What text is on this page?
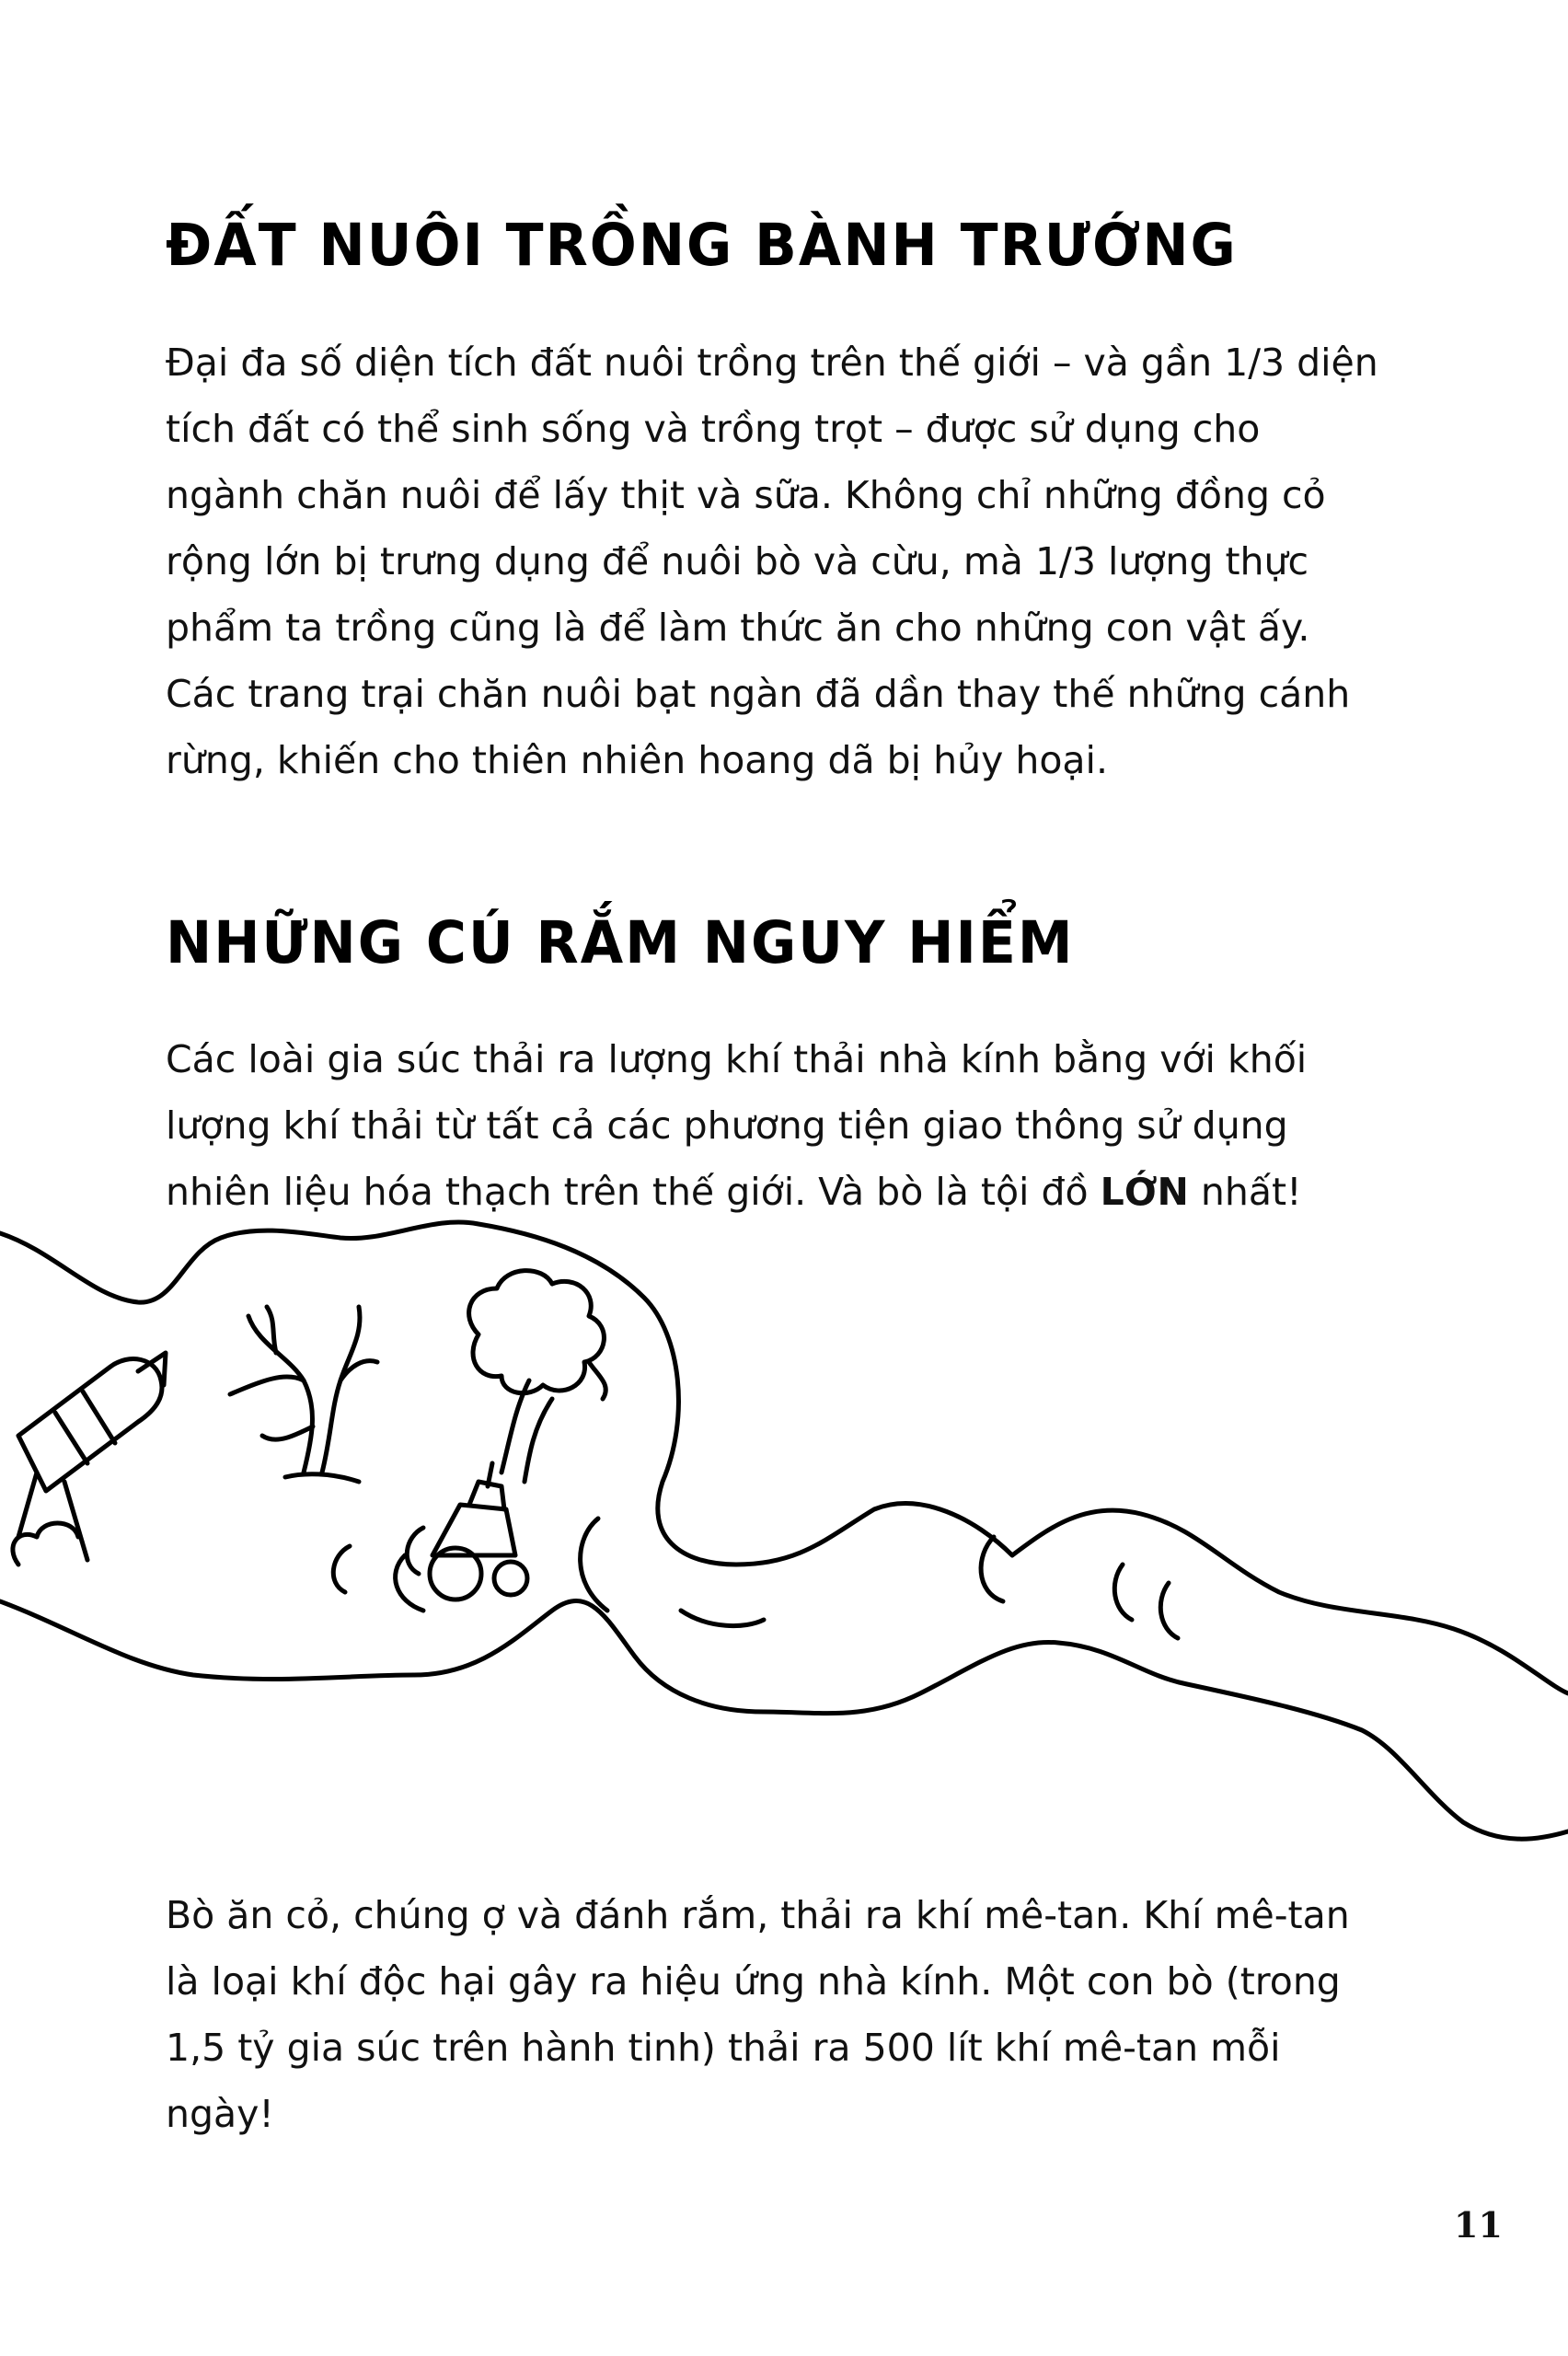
ĐẤT NUÔI TRỒNG BÀNH TRƯỚNG

Đại đa số diện tích đất nuôi trồng trên thế giới – và gần 1/3 diện tích đất có thể sinh sống và trồng trọt – được sử dụng cho ngành chăn nuôi để lấy thịt và sữa. Không chỉ những đồng cỏ rộng lớn bị trưng dụng để nuôi bò và cừu, mà 1/3 lượng thực phẩm ta trồng cũng là để làm thức ăn cho những con vật ấy. Các trang trại chăn nuôi bạt ngàn đã dần thay thế những cánh rừng, khiến cho thiên nhiên hoang dã bị hủy hoại.

NHỮNG CÚ RẮM NGUY HIỂM

Các loài gia súc thải ra lượng khí thải nhà kính bằng với khối lượng khí thải từ tất cả các phương tiện giao thông sử dụng nhiên liệu hóa thạch trên thế giới. Và bò là tội đồ LỚN nhất!

Bò ăn cỏ, chúng ợ và đánh rắm, thải ra khí mê-tan. Khí mê-tan là loại khí độc hại gây ra hiệu ứng nhà kính. Một con bò (trong 1,5 tỷ gia súc trên hành tinh) thải ra 500 lít khí mê-tan mỗi ngày!

11
